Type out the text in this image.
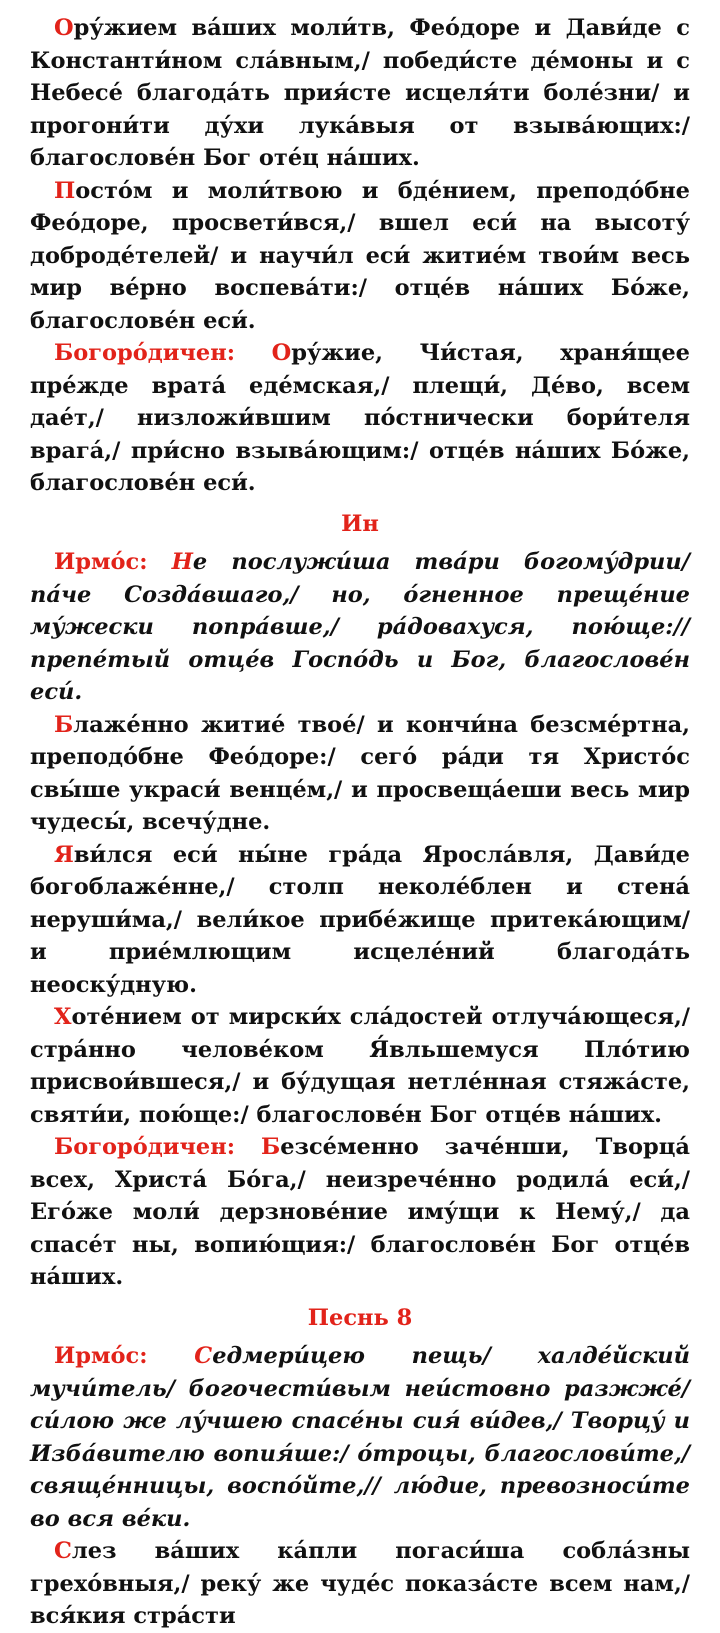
Ору́жием ва́ших моли́тв, Фео́доре и Дави́де с Константи́ном сла́вным,/ победи́сте де́моны и с Небесе́ благода́ть прия́сте исцеля́ти боле́зни/ и прогони́ти ду́хи лука́выя от взыва́ющих:/ благослове́н Бог оте́ц на́ших.

Посто́м и моли́твою и бде́нием, преподо́бне Фео́доре, просвети́вся,/ вшел еси́ на высоту́ доброде́телей/ и научи́л еси́ житие́м твои́м весь мир ве́рно воспева́ти:/ отце́в на́ших Бо́же, благослове́н еси́.

Богоро́дичен: Ору́жие, Чи́стая, храня́щее пре́жде врата́ еде́мская,/ плещи́, Де́во, всем дае́т,/ низложи́вшим по́стнически бори́теля врага́,/ при́сно взыва́ющим:/ отце́в на́ших Бо́же, благослове́н еси́.

Ин

Ирмо́с: Не послужи́ша тва́ри богому́дрии/ па́че Созда́вшаго,/ но, о́гненное преще́ние му́жески попра́вше,/ ра́довахуся, пою́ще:// препе́тый отце́в Госпо́дь и Бог, благослове́н еси́.

Блаже́нно житие́ твое́/ и кончи́на безсме́ртна, преподо́бне Фео́доре:/ сего́ ра́ди тя Христо́с свы́ше украси́ венце́м,/ и просвеща́еши весь мир чудесы́, всечу́дне.

Яви́лся еси́ ны́не гра́да Яросла́вля, Дави́де богоблаже́нне,/ столп неколе́блен и стена́ неруши́ма,/ вели́кое прибе́жище притека́ющим/ и прие́млющим исцеле́ний благода́ть неоску́дную.

Хоте́нием от мирски́х сла́достей отлуча́ющеся,/ стра́нно челове́ком Я́вльшемуся Пло́тию присвои́вшеся,/ и бу́дущая нетле́нная стяжа́сте, святи́и, пою́ще:/ благослове́н Бог отце́в на́ших.

Богоро́дичен: Безсе́менно заче́нши, Творца́ всех, Христа́ Бо́га,/ неизрече́нно родила́ еси́,/ Его́же моли́ дерзнове́ние иму́щи к Нему́,/ да спасе́т ны, вопию́щия:/ благослове́н Бог отце́в на́ших.

Песнь 8

Ирмо́с: Седмери́цею пещь/ халде́йский мучи́тель/ богочести́вым неи́стовно разжже́/ си́лою же лу́чшею спасе́ны сия́ ви́дев,/ Творцу́ и Изба́вителю вопия́ше:/ о́троцы, благослови́те,/ свяще́нницы, воспо́йте,// лю́дие, превозноси́те во вся ве́ки.

Слез ва́ших ка́пли погаси́ша собла́зны грехо́вныя,/ реку́ же чуде́с показа́сте всем нам,/ вся́кия стра́сти
